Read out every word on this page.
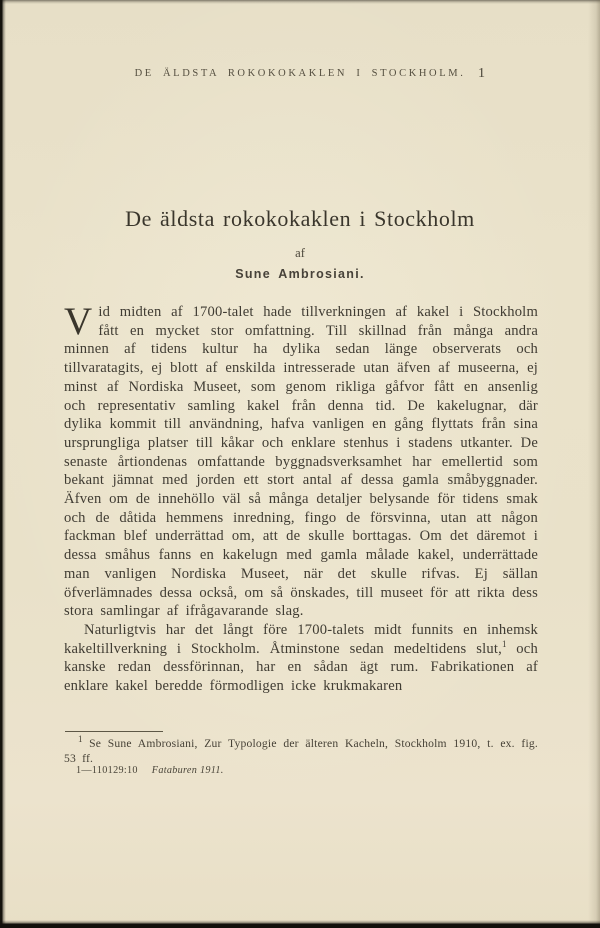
DE ÄLDSTA ROKOKOKAKLEN I STOCKHOLM. 1
De äldsta rokokokaklen i Stockholm
af
Sune Ambrosiani.

Vid midten af 1700-talet hade tillverkningen af kakel i Stockholm fått en mycket stor omfattning. Till skillnad från många andra minnen af tidens kultur ha dylika sedan länge observerats och tillvaratagits, ej blott af enskilda intresserade utan äfven af museerna, ej minst af Nordiska Museet, som genom rikliga gåfvor fått en ansenlig och representativ samling kakel från denna tid. De kakelugnar, där dylika kommit till användning, hafva vanligen en gång flyttats från sina ursprungliga platser till kåkar och enklare stenhus i stadens utkanter. De senaste årtiondenas omfattande byggnadsverksamhet har emellertid som bekant jämnat med jorden ett stort antal af dessa gamla småbyggnader. Äfven om de innehöllo väl så många detaljer belysande för tidens smak och de dåtida hemmens inredning, fingo de försvinna, utan att någon fackman blef underrättad om, att de skulle borttagas. Om det däremot i dessa småhus fanns en kakelugn med gamla målade kakel, underrättade man vanligen Nordiska Museet, när det skulle rifvas. Ej sällan öfverlämnades dessa också, om så önskades, till museet för att rikta dess stora samlingar af ifrågavarande slag.

Naturligtvis har det långt före 1700-talets midt funnits en inhemsk kakeltillverkning i Stockholm. Åtminstone sedan medeltidens slut,$^1$ och kanske redan dessförinnan, har en sådan ägt rum. Fabrikationen af enklare kakel beredde förmodligen icke krukmakaren

$^1$ Se Sune Ambrosiani, Zur Typologie der älteren Kacheln, Stockholm 1910, t. ex. fig. 53 ff.
1—110129:10 Fataburen 1911.
